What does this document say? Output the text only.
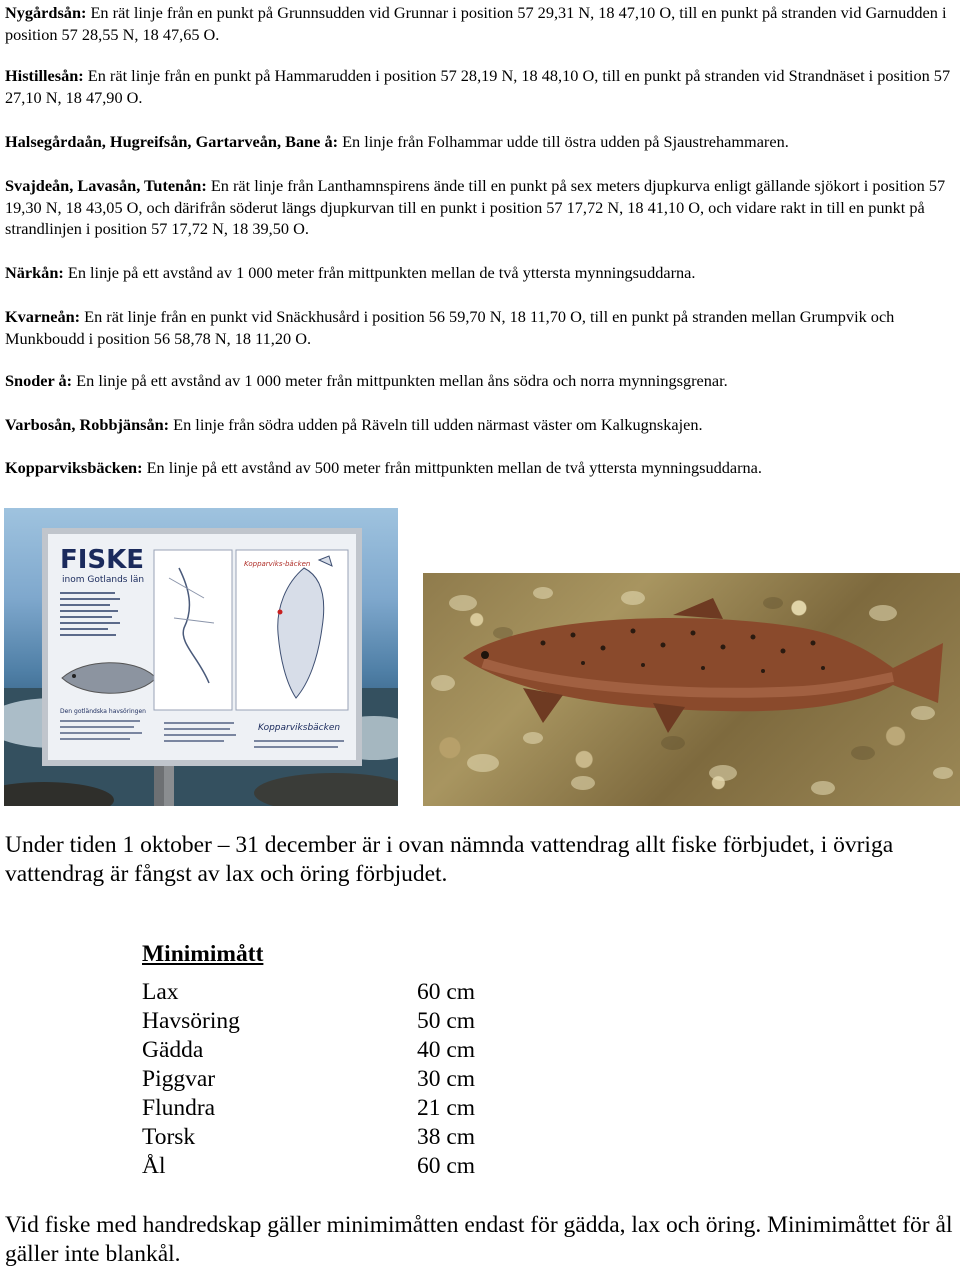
Nygårdsån: En rät linje från en punkt på Grunnsudden vid Grunnar i position 57 29,31 N, 18 47,10 O, till en punkt på stranden vid Garnudden i position 57 28,55 N, 18 47,65 O.

Histillesån: En rät linje från en punkt på Hammarudden i position 57 28,19 N, 18 48,10 O, till en punkt på stranden vid Strandnäset i position 57 27,10 N, 18 47,90 O.

Halsegårdaån, Hugreifsån, Gartarveån, Bane å: En linje från Folhammar udde till östra udden på Sjaustrehammaren.

Svajdeån, Lavasån, Tutenån: En rät linje från Lanthamnspirens ände till en punkt på sex meters djupkurva enligt gällande sjökort i position 57 19,30 N, 18 43,05 O, och därifrån söderut längs djupkurvan till en punkt i position 57 17,72 N, 18 41,10 O, och vidare rakt in till en punkt på strandlinjen i position 57 17,72 N, 18 39,50 O.

Närkån: En linje på ett avstånd av 1 000 meter från mittpunkten mellan de två yttersta mynningsuddarna.

Kvarneån: En rät linje från en punkt vid Snäckhusård i position 56 59,70 N, 18 11,70 O, till en punkt på stranden mellan Grumpvik och Munkboudd i position 56 58,78 N, 18 11,20 O.

Snoder å: En linje på ett avstånd av 1 000 meter från mittpunkten mellan åns södra och norra mynningsgrenar.

Varbosån, Robbjänsån: En linje från södra udden på Räveln till udden närmast väster om Kalkugnskajen.

Kopparviksbäcken: En linje på ett avstånd av 500 meter från mittpunkten mellan de två yttersta mynningsuddarna.

FISKE
inom Gotlands län
Den gotländska havsöringen
Kopparviks-bäcken
Kopparviksbäcken

Under tiden 1 oktober – 31 december är i ovan nämnda vattendrag allt fiske förbjudet, i övriga vattendrag är fångst av lax och öring förbjudet.

Minimimått
Lax	60 cm
Havsöring	50 cm
Gädda	40 cm
Piggvar	30 cm
Flundra	21 cm
Torsk	38 cm
Ål	60 cm

Vid fiske med handredskap gäller minimimåtten endast för gädda, lax och öring. Minimimåttet för ål gäller inte blankål.
